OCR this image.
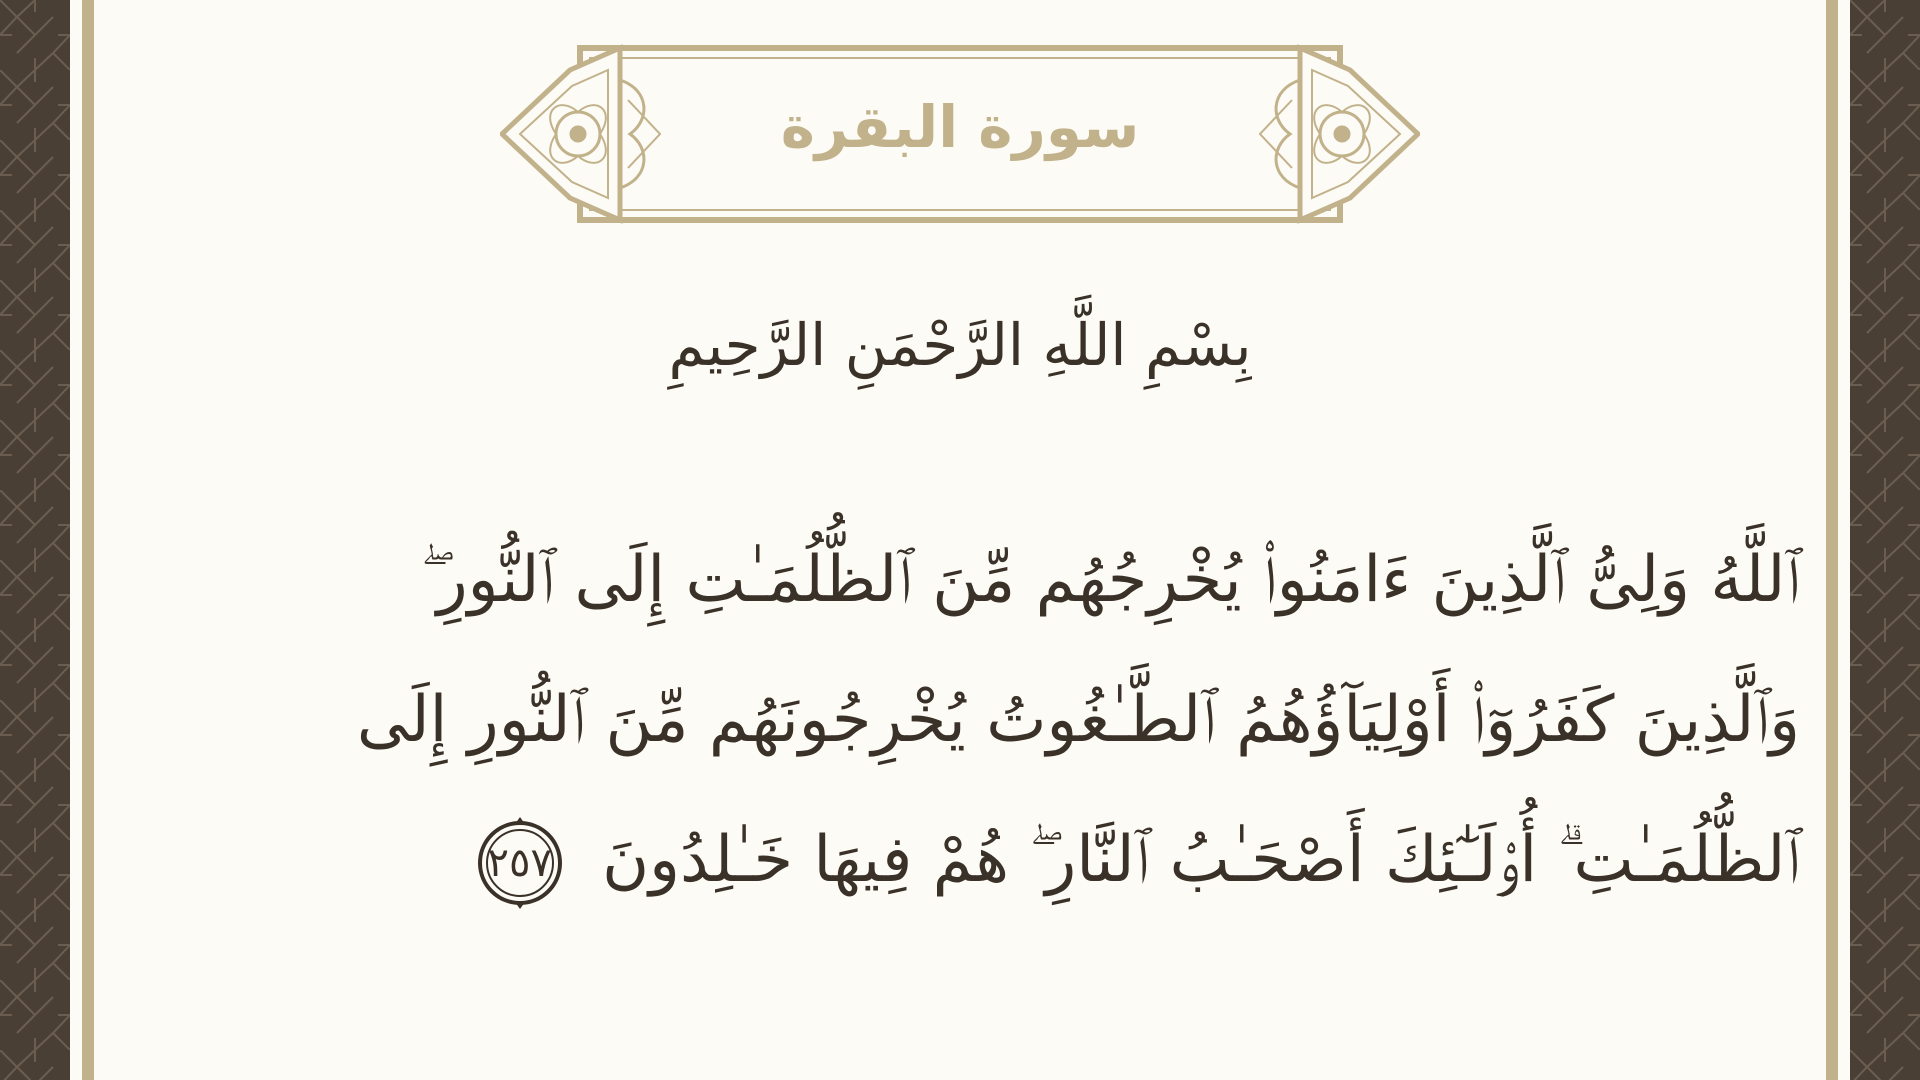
سورة البقرة
بِسْمِ اللَّهِ الرَّحْمَنِ الرَّحِيمِ
ٱللَّهُ وَلِىُّ ٱلَّذِينَ ءَامَنُوا۟ يُخْرِجُهُم مِّنَ ٱلظُّلُمَـٰتِ إِلَى ٱلنُّورِ ۖ وَٱلَّذِينَ كَفَرُوٓا۟ أَوْلِيَآؤُهُمُ ٱلطَّـٰغُوتُ يُخْرِجُونَهُم مِّنَ ٱلنُّورِ إِلَى ٱلظُّلُمَـٰتِ ۗ أُو۟لَـٰٓئِكَ أَصْحَـٰبُ ٱلنَّارِ ۖ هُمْ فِيهَا خَـٰلِدُونَ
٢٥٧
